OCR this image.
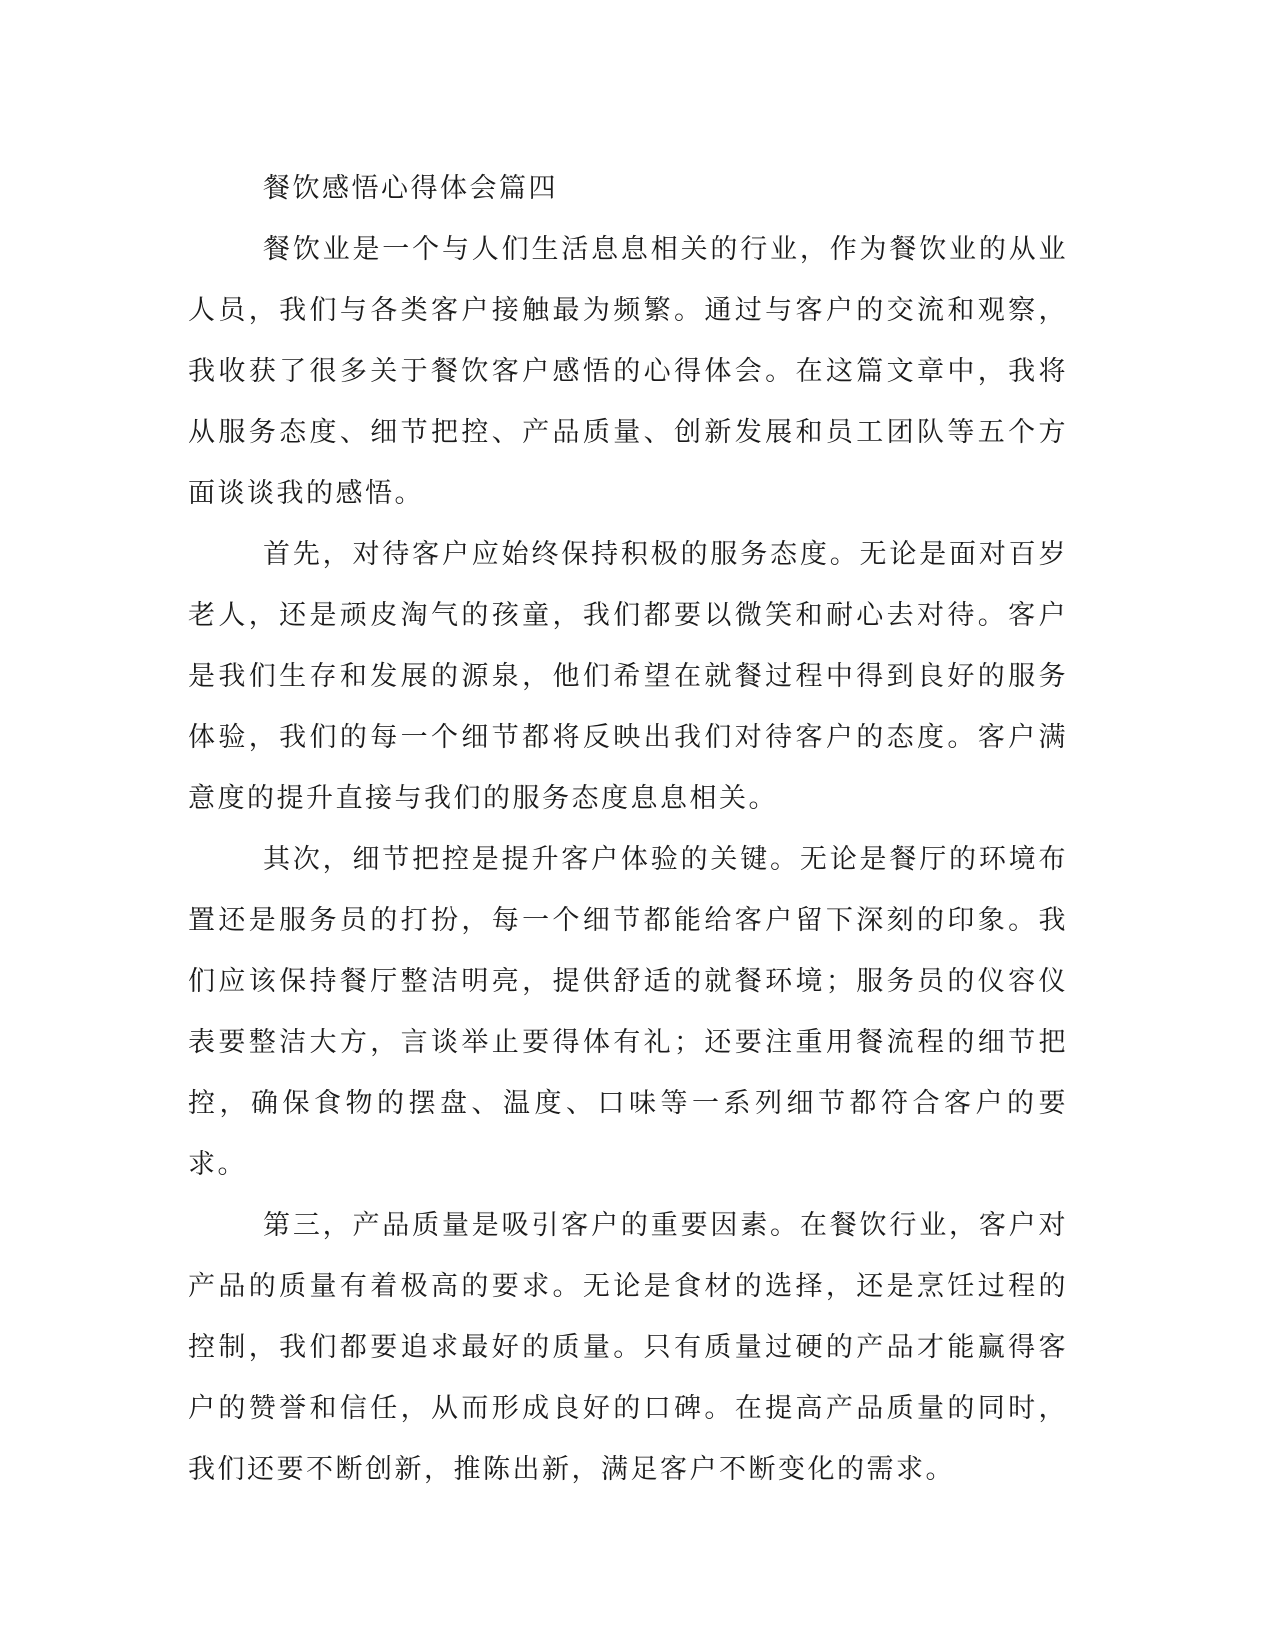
餐饮感悟心得体会篇四

餐饮业是一个与人们生活息息相关的行业，作为餐饮业的从业人员，我们与各类客户接触最为频繁。通过与客户的交流和观察，我收获了很多关于餐饮客户感悟的心得体会。在这篇文章中，我将从服务态度、细节把控、产品质量、创新发展和员工团队等五个方面谈谈我的感悟。

首先，对待客户应始终保持积极的服务态度。无论是面对百岁老人，还是顽皮淘气的孩童，我们都要以微笑和耐心去对待。客户是我们生存和发展的源泉，他们希望在就餐过程中得到良好的服务体验，我们的每一个细节都将反映出我们对待客户的态度。客户满意度的提升直接与我们的服务态度息息相关。

其次，细节把控是提升客户体验的关键。无论是餐厅的环境布置还是服务员的打扮，每一个细节都能给客户留下深刻的印象。我们应该保持餐厅整洁明亮，提供舒适的就餐环境；服务员的仪容仪表要整洁大方，言谈举止要得体有礼；还要注重用餐流程的细节把控，确保食物的摆盘、温度、口味等一系列细节都符合客户的要求。

第三，产品质量是吸引客户的重要因素。在餐饮行业，客户对产品的质量有着极高的要求。无论是食材的选择，还是烹饪过程的控制，我们都要追求最好的质量。只有质量过硬的产品才能赢得客户的赞誉和信任，从而形成良好的口碑。在提高产品质量的同时，我们还要不断创新，推陈出新，满足客户不断变化的需求。
